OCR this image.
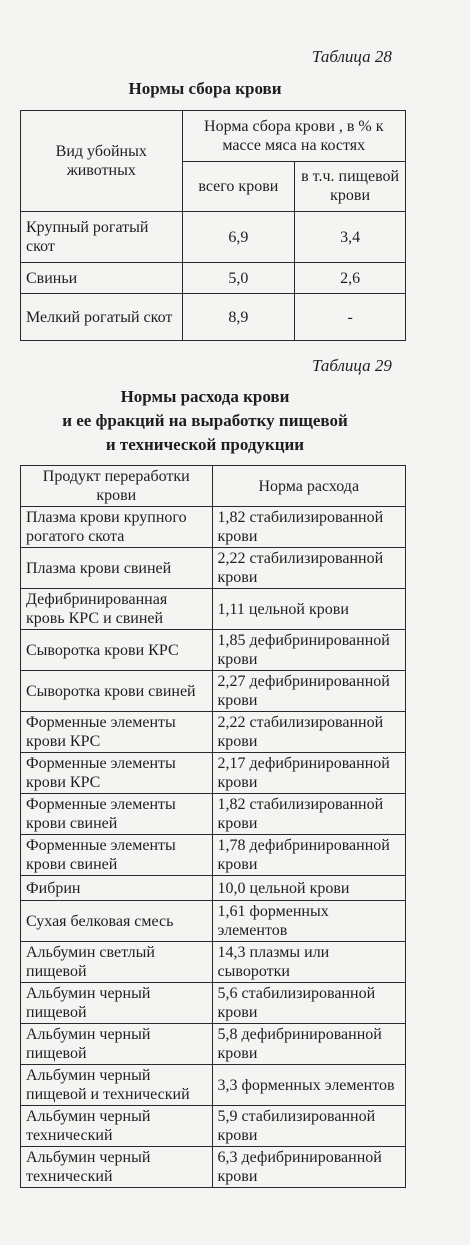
Таблица 28
Нормы сбора крови
Вид убойных животных	Норма сбора крови , в % к массе мяса на костях	
	всего крови	в т.ч. пищевой крови
Крупный рогатый скот	6,9	3,4
Свиньи	5,0	2,6
Мелкий рогатый скот	8,9	-
Таблица 29
Нормы расхода крови
и ее фракций на выработку пищевой
и технической продукции
Продукт переработки крови	Норма расхода
Плазма крови крупного рогатого скота	1,82 стабилизированной крови
Плазма крови свиней	2,22 стабилизированной крови
Дефибринированная кровь КРС и свиней	1,11 цельной крови
Сыворотка крови КРС	1,85 дефибринированной крови
Сыворотка крови свиней	2,27 дефибринированной крови
Форменные элементы крови КРС	2,22 стабилизированной крови
Форменные элементы крови КРС	2,17 дефибринированной крови
Форменные элементы крови свиней	1,82 стабилизированной крови
Форменные элементы крови свиней	1,78 дефибринированной крови
Фибрин	10,0 цельной крови
Сухая белковая смесь	1,61 форменных элементов
Альбумин светлый пищевой	14,3 плазмы или сыворотки
Альбумин черный пищевой	5,6 стабилизированной крови
Альбумин черный пищевой	5,8 дефибринированной крови
Альбумин черный пищевой и технический	3,3 форменных элементов
Альбумин черный технический	5,9 стабилизированной крови
Альбумин черный технический	6,3 дефибринированной крови
